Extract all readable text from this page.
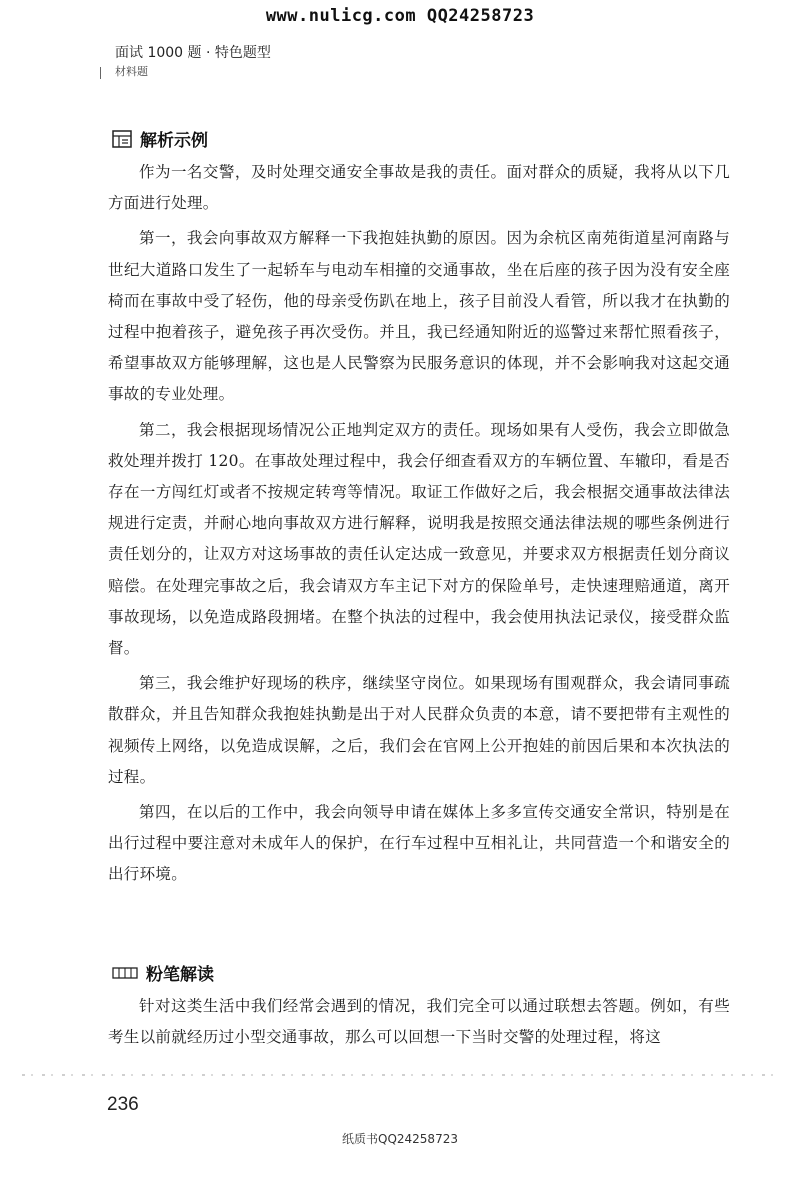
www.nulicg.com QQ24258723
面试 1000 题 · 特色题型
材料题
解析示例

作为一名交警，及时处理交通安全事故是我的责任。面对群众的质疑，我将从以下几方面进行处理。

第一，我会向事故双方解释一下我抱娃执勤的原因。因为余杭区南苑街道星河南路与世纪大道路口发生了一起轿车与电动车相撞的交通事故，坐在后座的孩子因为没有安全座椅而在事故中受了轻伤，他的母亲受伤趴在地上，孩子目前没人看管，所以我才在执勤的过程中抱着孩子，避免孩子再次受伤。并且，我已经通知附近的巡警过来帮忙照看孩子，希望事故双方能够理解，这也是人民警察为民服务意识的体现，并不会影响我对这起交通事故的专业处理。

第二，我会根据现场情况公正地判定双方的责任。现场如果有人受伤，我会立即做急救处理并拨打 120。在事故处理过程中，我会仔细查看双方的车辆位置、车辙印，看是否存在一方闯红灯或者不按规定转弯等情况。取证工作做好之后，我会根据交通事故法律法规进行定责，并耐心地向事故双方进行解释，说明我是按照交通法律法规的哪些条例进行责任划分的，让双方对这场事故的责任认定达成一致意见，并要求双方根据责任划分商议赔偿。在处理完事故之后，我会请双方车主记下对方的保险单号，走快速理赔通道，离开事故现场，以免造成路段拥堵。在整个执法的过程中，我会使用执法记录仪，接受群众监督。

第三，我会维护好现场的秩序，继续坚守岗位。如果现场有围观群众，我会请同事疏散群众，并且告知群众我抱娃执勤是出于对人民群众负责的本意，请不要把带有主观性的视频传上网络，以免造成误解，之后，我们会在官网上公开抱娃的前因后果和本次执法的过程。

第四，在以后的工作中，我会向领导申请在媒体上多多宣传交通安全常识，特别是在出行过程中要注意对未成年人的保护，在行车过程中互相礼让，共同营造一个和谐安全的出行环境。

粉笔解读

针对这类生活中我们经常会遇到的情况，我们完全可以通过联想去答题。例如，有些考生以前就经历过小型交通事故，那么可以回想一下当时交警的处理过程，将这

236
纸质书QQ24258723
